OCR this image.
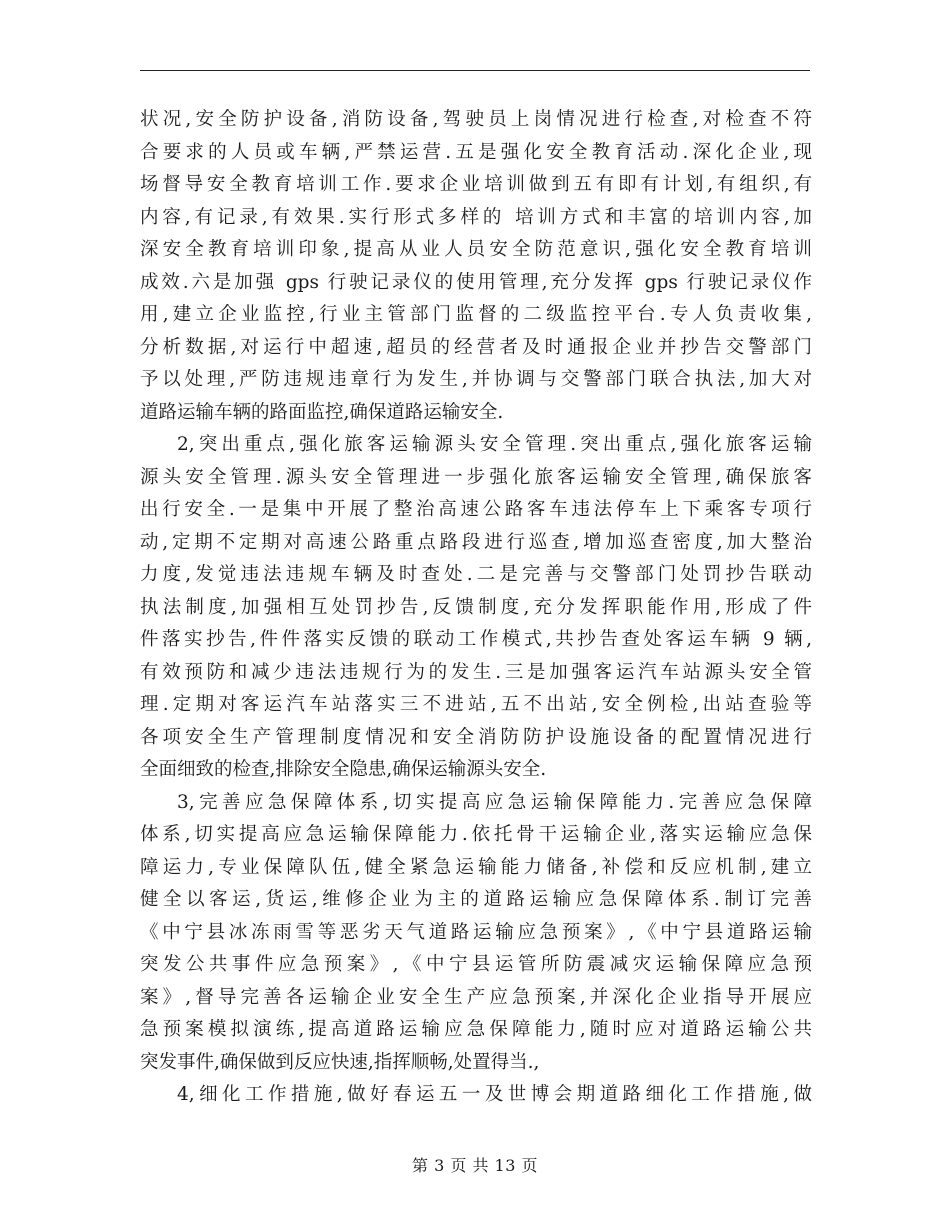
状况,安全防护设备,消防设备,驾驶员上岗情况进行检查,对检查不符
合要求的人员或车辆,严禁运营.五是强化安全教育活动.深化企业,现
场督导安全教育培训工作.要求企业培训做到五有即有计划,有组织,有
内容,有记录,有效果.实行形式多样的 培训方式和丰富的培训内容,加
深安全教育培训印象,提高从业人员安全防范意识,强化安全教育培训
成效.六是加强 gps 行驶记录仪的使用管理,充分发挥 gps 行驶记录仪作
用,建立企业监控,行业主管部门监督的二级监控平台.专人负责收集,
分析数据,对运行中超速,超员的经营者及时通报企业并抄告交警部门
予以处理,严防违规违章行为发生,并协调与交警部门联合执法,加大对
道路运输车辆的路面监控,确保道路运输安全.
2,突出重点,强化旅客运输源头安全管理.突出重点,强化旅客运输
源头安全管理.源头安全管理进一步强化旅客运输安全管理,确保旅客
出行安全.一是集中开展了整治高速公路客车违法停车上下乘客专项行
动,定期不定期对高速公路重点路段进行巡查,增加巡查密度,加大整治
力度,发觉违法违规车辆及时查处.二是完善与交警部门处罚抄告联动
执法制度,加强相互处罚抄告,反馈制度,充分发挥职能作用,形成了件
件落实抄告,件件落实反馈的联动工作模式,共抄告查处客运车辆 9 辆,
有效预防和减少违法违规行为的发生.三是加强客运汽车站源头安全管
理.定期对客运汽车站落实三不进站,五不出站,安全例检,出站查验等
各项安全生产管理制度情况和安全消防防护设施设备的配置情况进行
全面细致的检查,排除安全隐患,确保运输源头安全.
3,完善应急保障体系,切实提高应急运输保障能力.完善应急保障
体系,切实提高应急运输保障能力.依托骨干运输企业,落实运输应急保
障运力,专业保障队伍,健全紧急运输能力储备,补偿和反应机制,建立
健全以客运,货运,维修企业为主的道路运输应急保障体系.制订完善
《中宁县冰冻雨雪等恶劣天气道路运输应急预案》,《中宁县道路运输
突发公共事件应急预案》,《中宁县运管所防震减灾运输保障应急预
案》,督导完善各运输企业安全生产应急预案,并深化企业指导开展应
急预案模拟演练,提高道路运输应急保障能力,随时应对道路运输公共
突发事件,确保做到反应快速,指挥顺畅,处置得当.,
4,细化工作措施,做好春运五一及世博会期道路细化工作措施,做
第 3 页 共 13 页
